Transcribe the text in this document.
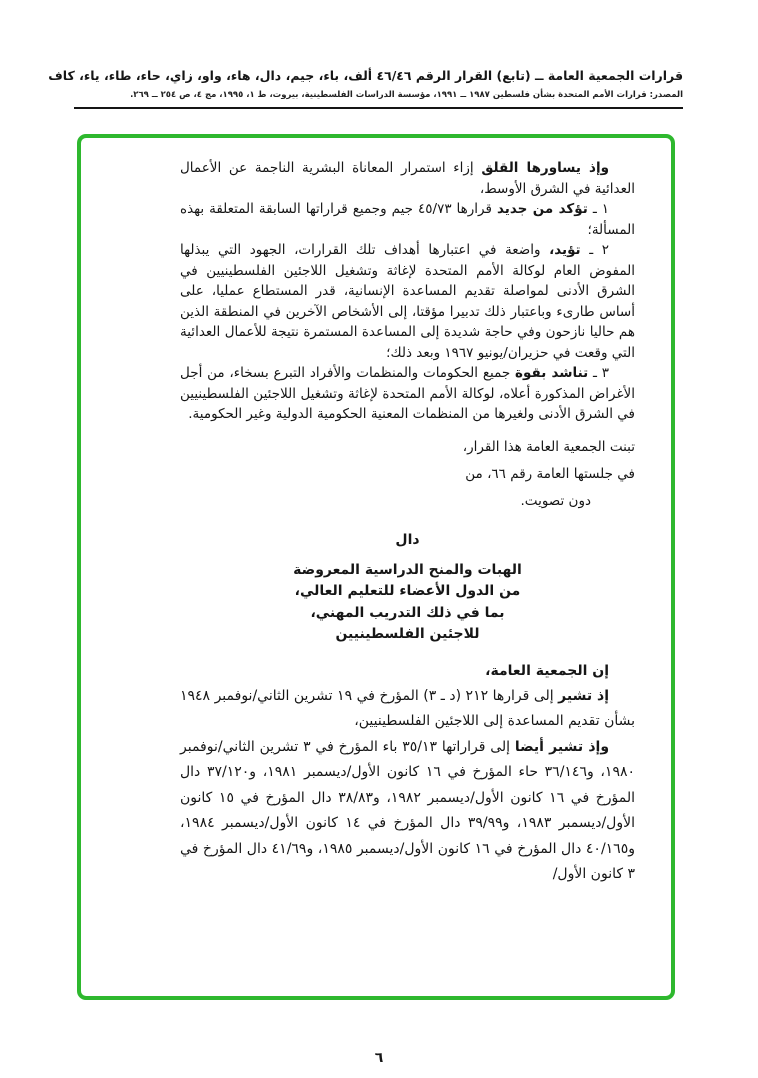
قرارات الجمعية العامة ــ (تابع) القرار الرقم ٤٦/٤٦ ألف، باء، جيم، دال، هاء، واو، زاي، حاء، طاء، ياء، كاف
المصدر: قرارات الأمم المتحدة بشأن فلسطين ١٩٨٧ ــ ١٩٩١، مؤسسة الدراسات الفلسطينية، بيروت، ط ١، ١٩٩٥، مج ٤، ص ٢٥٤ ــ ٢٦٩.

وإذ يساورها القلق إزاء استمرار المعاناة البشرية الناجمة عن الأعمال العدائية في الشرق الأوسط،

١ ـ تؤكد من جديد قرارها ٤٥/٧٣ جيم وجميع قراراتها السابقة المتعلقة بهذه المسألة؛

٢ ـ تؤيد، واضعة في اعتبارها أهداف تلك القرارات، الجهود التي يبذلها المفوض العام لوكالة الأمم المتحدة لإغاثة وتشغيل اللاجئين الفلسطينيين في الشرق الأدنى لمواصلة تقديم المساعدة الإنسانية، قدر المستطاع عمليا، على أساس طارىء وباعتبار ذلك تدبيرا مؤقتا، إلى الأشخاص الآخرين في المنطقة الذين هم حاليا نازحون وفي حاجة شديدة إلى المساعدة المستمرة نتيجة للأعمال العدائية التي وقعت في حزيران/يونيو ١٩٦٧ وبعد ذلك؛

٣ ـ تناشد بقوة جميع الحكومات والمنظمات والأفراد التبرع بسخاء، من أجل الأغراض المذكورة أعلاه، لوكالة الأمم المتحدة لإغاثة وتشغيل اللاجئين الفلسطينيين في الشرق الأدنى ولغيرها من المنظمات المعنية الحكومية الدولية وغير الحكومية.

تبنت الجمعية العامة هذا القرار،
في جلستها العامة رقم ٦٦، من
دون تصويت.
دال
الهبات والمنح الدراسية المعروضة
من الدول الأعضاء للتعليم العالي،
بما في ذلك التدريب المهني،
للاجئين الفلسطينيين

إن الجمعية العامة،

إذ تشير إلى قرارها ٢١٢ (د ـ ٣) المؤرخ في ١٩ تشرين الثاني/نوفمبر ١٩٤٨ بشأن تقديم المساعدة إلى اللاجئين الفلسطينيين،

وإذ تشير أيضا إلى قراراتها ٣٥/١٣ باء المؤرخ في ٣ تشرين الثاني/نوفمبر ١٩٨٠، و٣٦/١٤٦ حاء المؤرخ في ١٦ كانون الأول/ديسمبر ١٩٨١، و٣٧/١٢٠ دال المؤرخ في ١٦ كانون الأول/ديسمبر ١٩٨٢، و٣٨/٨٣ دال المؤرخ في ١٥ كانون الأول/ديسمبر ١٩٨٣، و٣٩/٩٩ دال المؤرخ في ١٤ كانون الأول/ديسمبر ١٩٨٤، و٤٠/١٦٥ دال المؤرخ في ١٦ كانون الأول/ديسمبر ١٩٨٥، و٤١/٦٩ دال المؤرخ في ٣ كانون الأول/

٦
